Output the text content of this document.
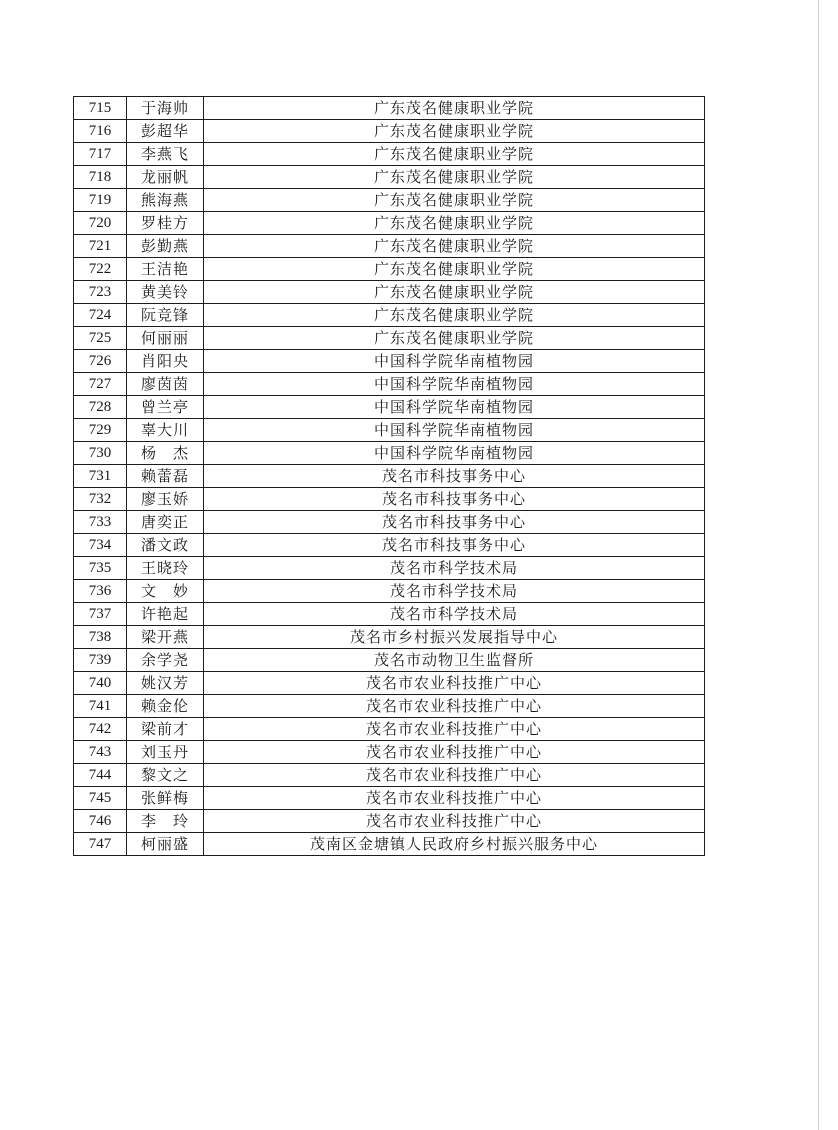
715	于海帅	广东茂名健康职业学院
716	彭超华	广东茂名健康职业学院
717	李燕飞	广东茂名健康职业学院
718	龙丽帆	广东茂名健康职业学院
719	熊海燕	广东茂名健康职业学院
720	罗桂方	广东茂名健康职业学院
721	彭勤燕	广东茂名健康职业学院
722	王洁艳	广东茂名健康职业学院
723	黄美铃	广东茂名健康职业学院
724	阮竞锋	广东茂名健康职业学院
725	何丽丽	广东茂名健康职业学院
726	肖阳央	中国科学院华南植物园
727	廖茵茵	中国科学院华南植物园
728	曾兰亭	中国科学院华南植物园
729	辜大川	中国科学院华南植物园
730	杨　杰	中国科学院华南植物园
731	赖蕾磊	茂名市科技事务中心
732	廖玉娇	茂名市科技事务中心
733	唐奕正	茂名市科技事务中心
734	潘文政	茂名市科技事务中心
735	王晓玲	茂名市科学技术局
736	文　妙	茂名市科学技术局
737	许艳起	茂名市科学技术局
738	梁开燕	茂名市乡村振兴发展指导中心
739	余学尧	茂名市动物卫生监督所
740	姚汉芳	茂名市农业科技推广中心
741	赖金伦	茂名市农业科技推广中心
742	梁前才	茂名市农业科技推广中心
743	刘玉丹	茂名市农业科技推广中心
744	黎文之	茂名市农业科技推广中心
745	张鲜梅	茂名市农业科技推广中心
746	李　玲	茂名市农业科技推广中心
747	柯丽盛	茂南区金塘镇人民政府乡村振兴服务中心
